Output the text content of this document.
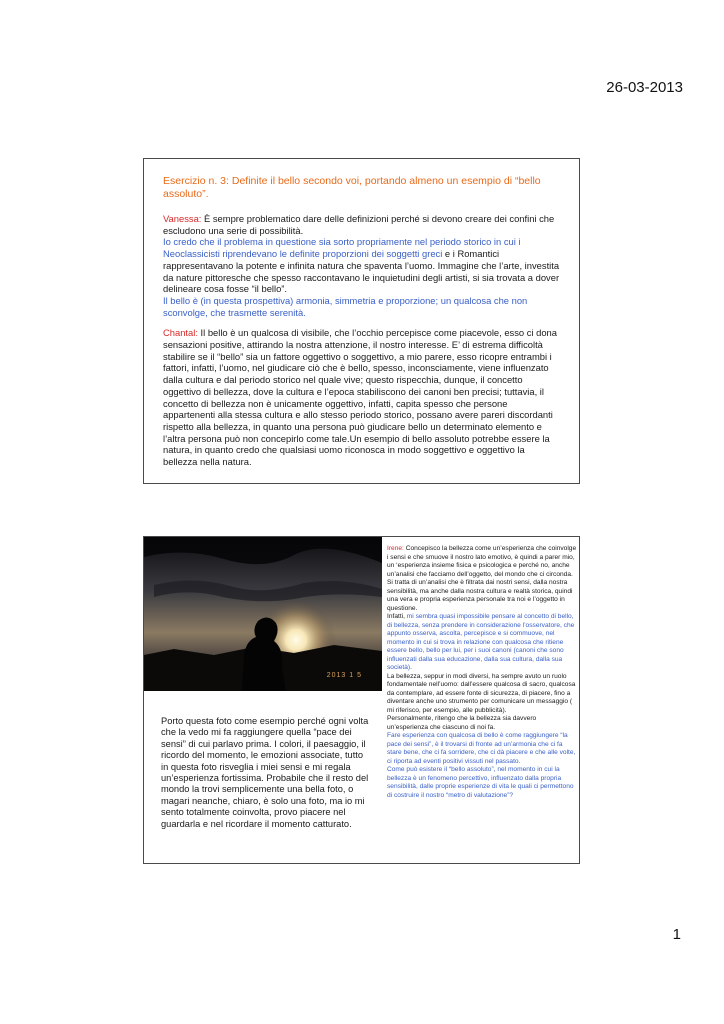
26-03-2013

Esercizio n. 3: Definite il bello secondo voi, portando almeno un esempio di “bello assoluto”.

Vanessa: È sempre problematico dare delle definizioni perché si devono creare dei confini che escludono una serie di possibilità.
Io credo che il problema in questione sia sorto propriamente nel periodo storico in cui i Neoclassicisti riprendevano le definite proporzioni dei soggetti greci e i Romantici rappresentavano la potente e infinita natura che spaventa l’uomo. Immagine che l’arte, investita da nature pittoresche che spesso raccontavano le inquietudini degli artisti, si sia trovata a dover delineare cosa fosse “il bello”.
Il bello è (in questa prospettiva) armonia, simmetria e proporzione; un qualcosa che non sconvolge, che trasmette serenità.

Chantal: Il bello è un qualcosa di visibile, che l’occhio percepisce come piacevole, esso ci dona sensazioni positive, attirando la nostra attenzione, il nostro interesse. E’ di estrema difficoltà stabilire se il “bello” sia un fattore oggettivo o soggettivo, a mio parere, esso ricopre entrambi i fattori, infatti, l’uomo, nel giudicare ciò che è bello, spesso, inconsciamente, viene influenzato dalla cultura e dal periodo storico nel quale vive; questo rispecchia, dunque, il concetto oggettivo di bellezza, dove la cultura e l’epoca stabiliscono dei canoni ben precisi; tuttavia, il concetto di bellezza non è unicamente oggettivo, infatti, capita spesso che persone appartenenti alla stessa cultura e allo stesso periodo storico, possano avere pareri discordanti rispetto alla bellezza, in quanto una persona può giudicare bello un determinato elemento e l’altra persona può non concepirlo come tale.Un esempio di bello assoluto potrebbe essere la natura, in quanto credo che qualsiasi uomo riconosca in modo soggettivo e oggettivo la bellezza nella natura.

2013 1 5
Porto questa foto come esempio perché ogni volta che la vedo mi fa raggiungere quella “pace dei sensi” di cui parlavo prima. I colori, il paesaggio, il ricordo del momento, le emozioni associate, tutto in questa foto risveglia i miei sensi e mi regala un’esperienza fortissima. Probabile che il resto del mondo la trovi semplicemente una bella foto, o magari neanche, chiaro, è solo una foto, ma io mi sento totalmente coinvolta, provo piacere nel guardarla e nel ricordare il momento catturato.
Irene: Concepisco la bellezza come un’esperienza che coinvolge i sensi e che smuove il nostro lato emotivo, è quindi a parer mio, un ‘esperienza insieme fisica e psicologica e perché no, anche un’analisi che facciamo dell’oggetto, del mondo che ci circonda.
Si tratta di un’analisi che è filtrata dai nostri sensi, dalla nostra sensibilità, ma anche dalla nostra cultura e realtà storica, quindi una vera e propria esperienza personale tra noi e l’oggetto in questione.
Infatti, mi sembra quasi impossibile pensare al concetto di bello, di bellezza, senza prendere in considerazione l’osservatore, che appunto osserva, ascolta, percepisce e si commuove, nel momento in cui si trova in relazione con qualcosa che ritiene essere bello, bello per lui, per i suoi canoni (canoni che sono influenzati dalla sua educazione, dalla sua cultura, dalla sua società).
La bellezza, seppur in modi diversi, ha sempre avuto un ruolo fondamentale nell’uomo: dall’essere qualcosa di sacro, qualcosa da contemplare, ad essere fonte di sicurezza, di piacere, fino a diventare anche uno strumento per comunicare un messaggio ( mi riferisco, per esempio, alle pubblicità).
Personalmente, ritengo che la bellezza sia davvero un’esperienza che ciascuno di noi fa.
Fare esperienza con qualcosa di bello è come raggiungere “la pace dei sensi”, è il trovarsi di fronte ad un’armonia che ci fa stare bene, che ci fa sorridere, che ci dà piacere e che alle volte, ci riporta ad eventi positivi vissuti nel passato.
Come può esistere il “bello assoluto”, nel momento in cui la bellezza è un fenomeno percettivo, influenzato dalla propria sensibilità, dalle proprie esperienze di vita le quali ci permettono di costruire il nostro “metro di valutazione”?
1
